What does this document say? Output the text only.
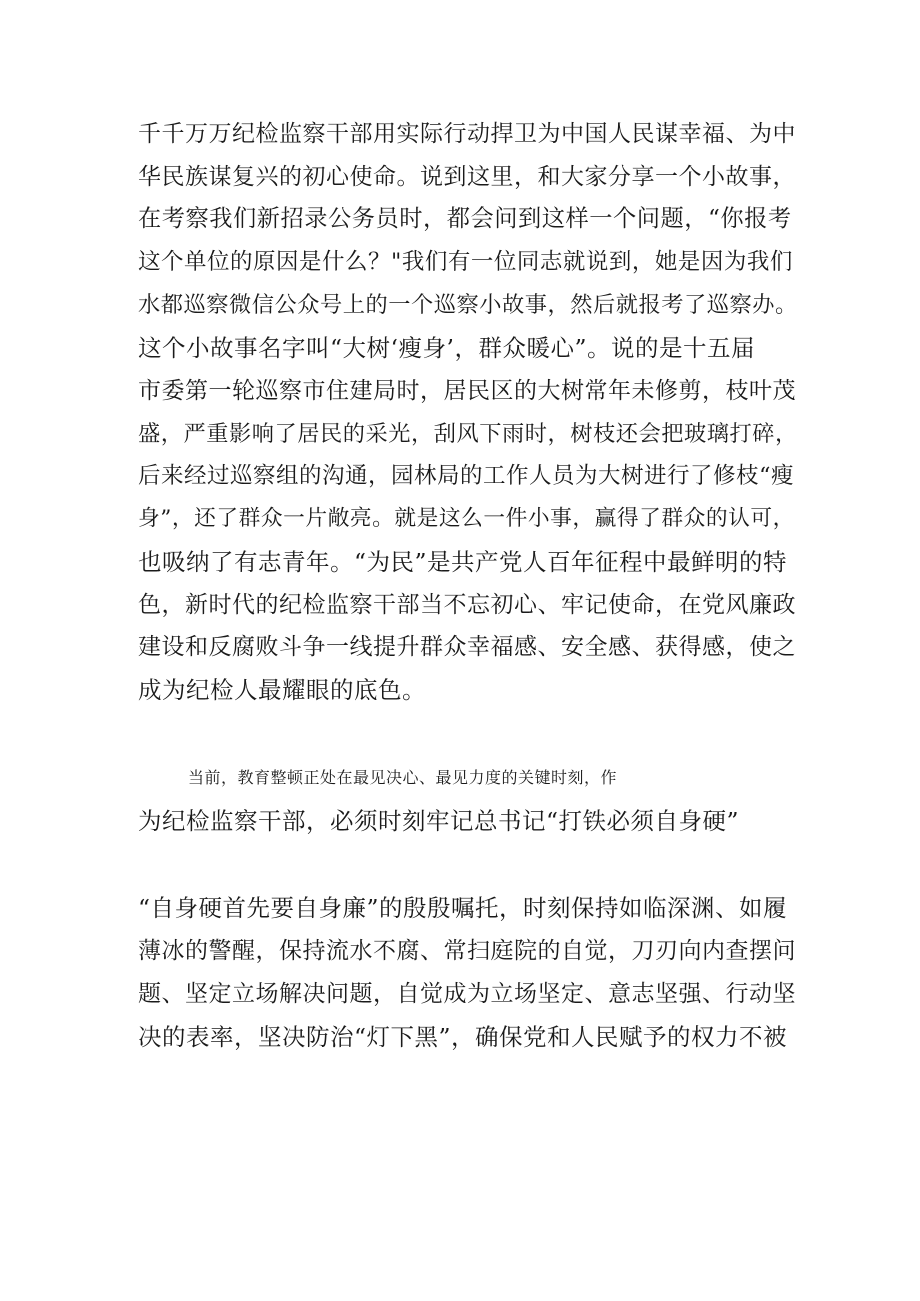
千千万万纪检监察干部用实际行动捍卫为中国人民谋幸福、为中
华民族谋复兴的初心使命。说到这里，和大家分享一个小故事，
在考察我们新招录公务员时，都会问到这样一个问题，“你报考
这个单位的原因是什么？"我们有一位同志就说到，她是因为我们
水都巡察微信公众号上的一个巡察小故事，然后就报考了巡察办。
这个小故事名字叫“大树‘瘦身’，群众暖心”。说的是十五届
市委第一轮巡察市住建局时，居民区的大树常年未修剪，枝叶茂
盛，严重影响了居民的采光，刮风下雨时，树枝还会把玻璃打碎，
后来经过巡察组的沟通，园林局的工作人员为大树进行了修枝“瘦
身”，还了群众一片敞亮。就是这么一件小事，赢得了群众的认可，
也吸纳了有志青年。“为民”是共产党人百年征程中最鲜明的特
色，新时代的纪检监察干部当不忘初心、牢记使命，在党风廉政
建设和反腐败斗争一线提升群众幸福感、安全感、获得感，使之
成为纪检人最耀眼的底色。
当前，教育整顿正处在最见决心、最见力度的关键时刻，作
为纪检监察干部，必须时刻牢记总书记“打铁必须自身硬”
“自身硬首先要自身廉”的殷殷嘱托，时刻保持如临深渊、如履
薄冰的警醒，保持流水不腐、常扫庭院的自觉，刀刃向内查摆问
题、坚定立场解决问题，自觉成为立场坚定、意志坚强、行动坚
决的表率，坚决防治“灯下黑”，确保党和人民赋予的权力不被
